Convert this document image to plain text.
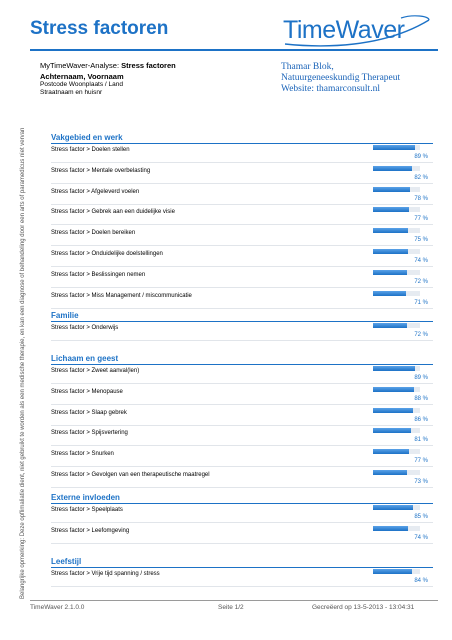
Stress factoren	TimeWaver
MyTimeWaver-Analyse: Stress factoren
Achternaam, Voornaam
Postcode Woonplaats / Land
Straatnaam en huisnr
Thamar Blok,
Natuurgeneeskundig Therapeut
Website: thamarconsult.nl
Belangrijke opmerking: Deze opflimaliatie dient, niet gebruikt te worden als een medische therapie, en kan een diagnose of behandeling door een arts of paramedicus niet vervan	Vakgebied en werk
Stress factor > Doelen stellen
89 %
Stress factor > Mentale overbelasting
82 %
Stress factor > Afgeleverd voelen
78 %
Stress factor > Gebrek aan een duidelijke visie
77 %
Stress factor > Doelen bereiken
75 %
Stress factor > Onduidelijke doelstellingen
74 %
Stress factor > Beslissingen nemen
72 %
Stress factor > Miss Management / miscommunicatie
71 %
Familie
Stress factor > Onderwijs
72 %
Lichaam en geest
Stress factor > Zweet aanval(len)
89 %
Stress factor > Menopause
88 %
Stress factor > Slaap gebrek
86 %
Stress factor > Spijsvertering
81 %
Stress factor > Snurken
77 %
Stress factor > Gevolgen van een therapeutische maatregel
73 %
Externe invloeden
Stress factor > Speelplaats
85 %
Stress factor > Leefomgeving
74 %
Leefstijl
Stress factor > Vrije tijd spanning / stress
84 %
TimeWaver 2.1.0.0	Seite 1/2	Gecreëerd op 13-5-2013 - 13:04:31
